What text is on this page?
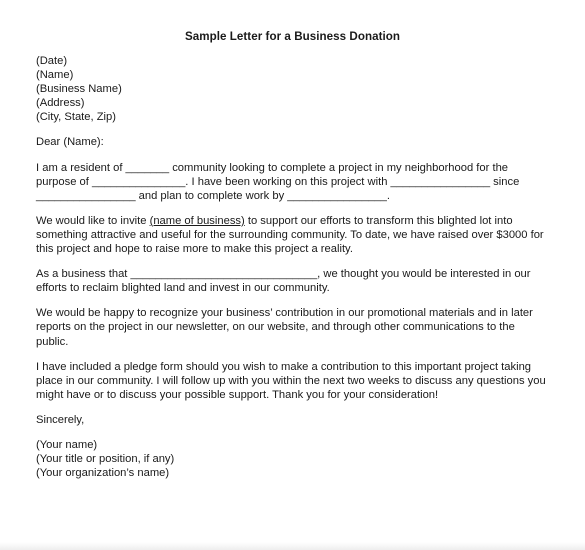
Sample Letter for a Business Donation
(Date)
(Name)
(Business Name)
(Address)
(City, State, Zip)
Dear (Name):
I am a resident of _______ community looking to complete a project in my neighborhood for the
purpose of _______________. I have been working on this project with ________________ since
________________ and plan to complete work by ________________.
We would like to invite (name of business) to support our efforts to transform this blighted lot into
something attractive and useful for the surrounding community. To date, we have raised over $3000 for
this project and hope to raise more to make this project a reality.
As a business that ______________________________, we thought you would be interested in our
efforts to reclaim blighted land and invest in our community.
We would be happy to recognize your business’ contribution in our promotional materials and in later
reports on the project in our newsletter, on our website, and through other communications to the
public.
I have included a pledge form should you wish to make a contribution to this important project taking
place in our community. I will follow up with you within the next two weeks to discuss any questions you
might have or to discuss your possible support. Thank you for your consideration!
Sincerely,
(Your name)
(Your title or position, if any)
(Your organization’s name)
